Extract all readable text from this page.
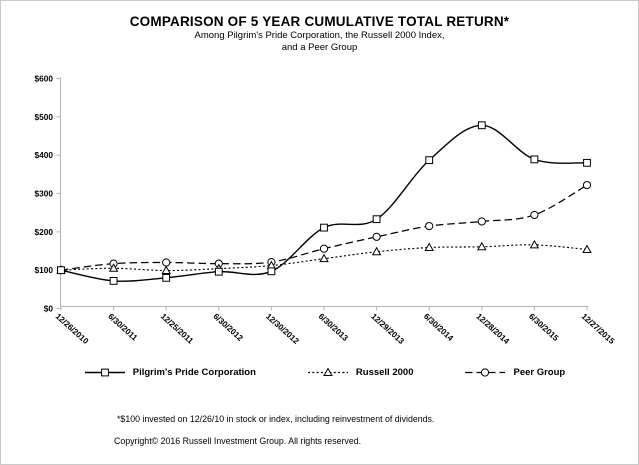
COMPARISON OF 5 YEAR CUMULATIVE TOTAL RETURN*
Among Pilgrim's Pride Corporation, the Russell 2000 Index,
and a Peer Group
$0
$100
$200
$300
$400
$500
$600
12/26/2010 6/30/2011 12/25/2011 6/30/2012 12/30/2012 6/30/2013 12/29/2013 6/30/2014 12/28/2014 6/30/2015 12/27/2015
Pilgrim's Pride Corporation	Russell 2000	Peer Group
*$100 invested on 12/26/10 in stock or index, including reinvestment of dividends.
Copyright© 2016 Russell Investment Group. All rights reserved.
